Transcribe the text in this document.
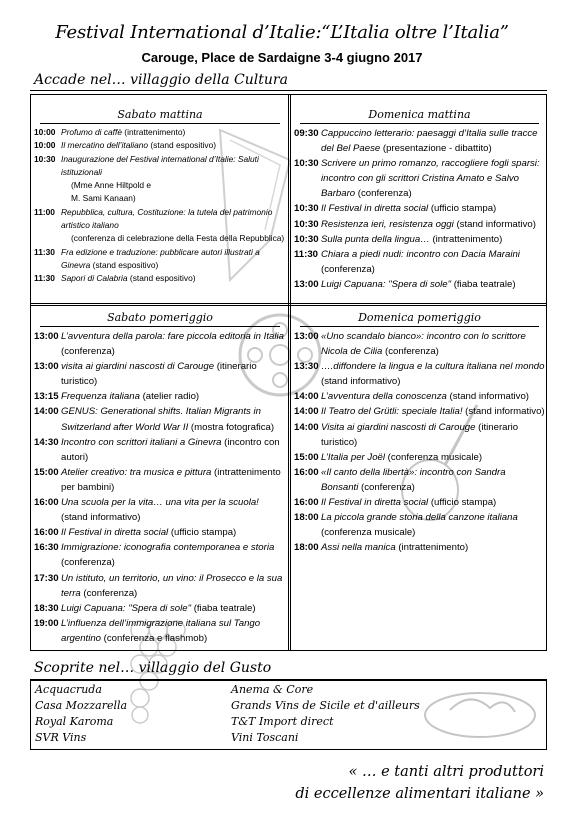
Festival International d’Italie:“L’Italia oltre l’Italia”
Carouge, Place de Sardaigne 3-4 giugno 2017
Accade nel… villaggio della Cultura
Sabato mattina
10:00 Profumo di caffè (intrattenimento)
10:00 Il mercatino dell’italiano (stand espositivo)
10:30 Inaugurazione del Festival international d’Italie: Saluti istituzionali
(Mme Anne Hiltpold e
M. Sami Kanaan)
11:00 Repubblica, cultura, Costituzione: la tutela del patrimonio artistico italiano
(conferenza di celebrazione della Festa della Repubblica)
11:30 Fra edizione e traduzione: pubblicare autori illustrati a Ginevra (stand espositivo)
11:30 Sapori di Calabria (stand espositivo)
Domenica mattina
09:30 Cappuccino letterario: paesaggi d’Italia sulle tracce del Bel Paese (presentazione - dibattito)
10:30 Scrivere un primo romanzo, raccogliere fogli sparsi: incontro con gli scrittori Cristina Amato e Salvo Barbaro (conferenza)
10:30 Il Festival in diretta social (ufficio stampa)
10:30 Resistenza ieri, resistenza oggi (stand informativo)
10:30 Sulla punta della lingua… (intrattenimento)
11:30 Chiara a piedi nudi: incontro con Dacia Maraini (conferenza)
13:00 Luigi Capuana: "Spera di sole" (fiaba teatrale)
Sabato pomeriggio
13:00 L’avventura della parola: fare piccola editoria in Italia (conferenza)
13:00 visita ai giardini nascosti di Carouge (itinerario turistico)
13:15 Frequenza italiana (atelier radio)
14:00 GENUS: Generational shifts. Italian Migrants in Switzerland after World War II (mostra fotografica)
14:30 Incontro con scrittori italiani a Ginevra (incontro con autori)
15:00 Atelier creativo: tra musica e pittura (intrattenimento per bambini)
16:00 Una scuola per la vita… una vita per la scuola! (stand informativo)
16:00 Il Festival in diretta social (ufficio stampa)
16:30 Immigrazione: iconografia contemporanea e storia (conferenza)
17:30 Un istituto, un territorio, un vino: il Prosecco e la sua terra (conferenza)
18:30 Luigi Capuana: "Spera di sole" (fiaba teatrale)
19:00 L’influenza dell’immigrazione italiana sul Tango argentino (conferenza e flashmob)
Domenica pomeriggio
13:00 «Uno scandalo bianco»: incontro con lo scrittore Nicola de Cilia (conferenza)
13:30 ….diffondere la lingua e la cultura italiana nel mondo (stand informativo)
14:00 L’avventura della conoscenza (stand informativo)
14:00 Il Teatro del Grütli: speciale Italia! (stand informativo)
14:00 Visita ai giardini nascosti di Carouge (itinerario turistico)
15:00 L’Italia per Joël (conferenza musicale)
16:00 «Il canto della libertà»: incontro con Sandra Bonsanti (conferenza)
16:00 Il Festival in diretta social (ufficio stampa)
18:00 La piccola grande storia della canzone italiana (conferenza musicale)
18:00 Assi nella manica (intrattenimento)
Scoprite nel… villaggio del Gusto
Acquacruda
Casa Mozzarella
Royal Karoma
SVR Vins
Anema & Core
Grands Vins de Sicile et d'ailleurs
T&T Import direct
Vini Toscani
« … e tanti altri produttori
di eccellenze alimentari italiane »
